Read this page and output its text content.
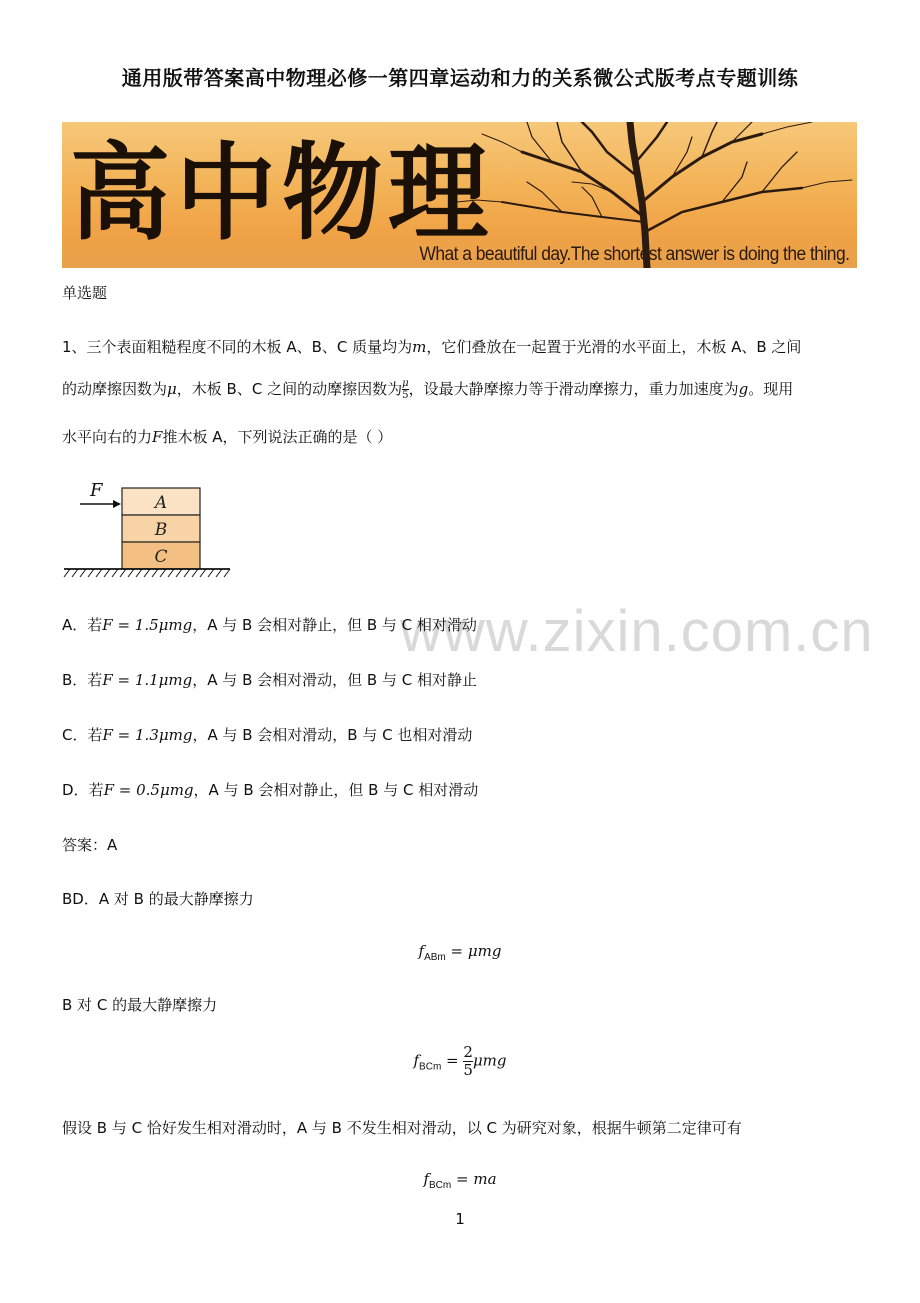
通用版带答案高中物理必修一第四章运动和力的关系微公式版考点专题训练
高中物理
What a beautiful day.The shortest answer is doing the thing.
单选题
1、三个表面粗糙程度不同的木板 A、B、C 质量均为m，它们叠放在一起置于光滑的水平面上，木板 A、B 之间
的动摩擦因数为μ，木板 B、C 之间的动摩擦因数为 $\frac{\mu}{5}$ ，设最大静摩擦力等于滑动摩擦力，重力加速度为g。现用
水平向右的力F推木板 A，下列说法正确的是（ ）
F
A
B
C
www.zixin.com.cn
A．若F = 1.5μmg，A 与 B 会相对静止，但 B 与 C 相对滑动
B．若F = 1.1μmg，A 与 B 会相对滑动，但 B 与 C 相对静止
C．若F = 1.3μmg，A 与 B 会相对滑动，B 与 C 也相对滑动
D．若F = 0.5μmg，A 与 B 会相对静止，但 B 与 C 相对滑动
答案：A
BD．A 对 B 的最大静摩擦力
$f_{ABm} = \mu mg$
B 对 C 的最大静摩擦力
$f_{BCm} = \frac{2}{5}$ μmg
假设 B 与 C 恰好发生相对滑动时，A 与 B 不发生相对滑动，以 C 为研究对象，根据牛顿第二定律可有
$f_{BCm}$ = ma
1
